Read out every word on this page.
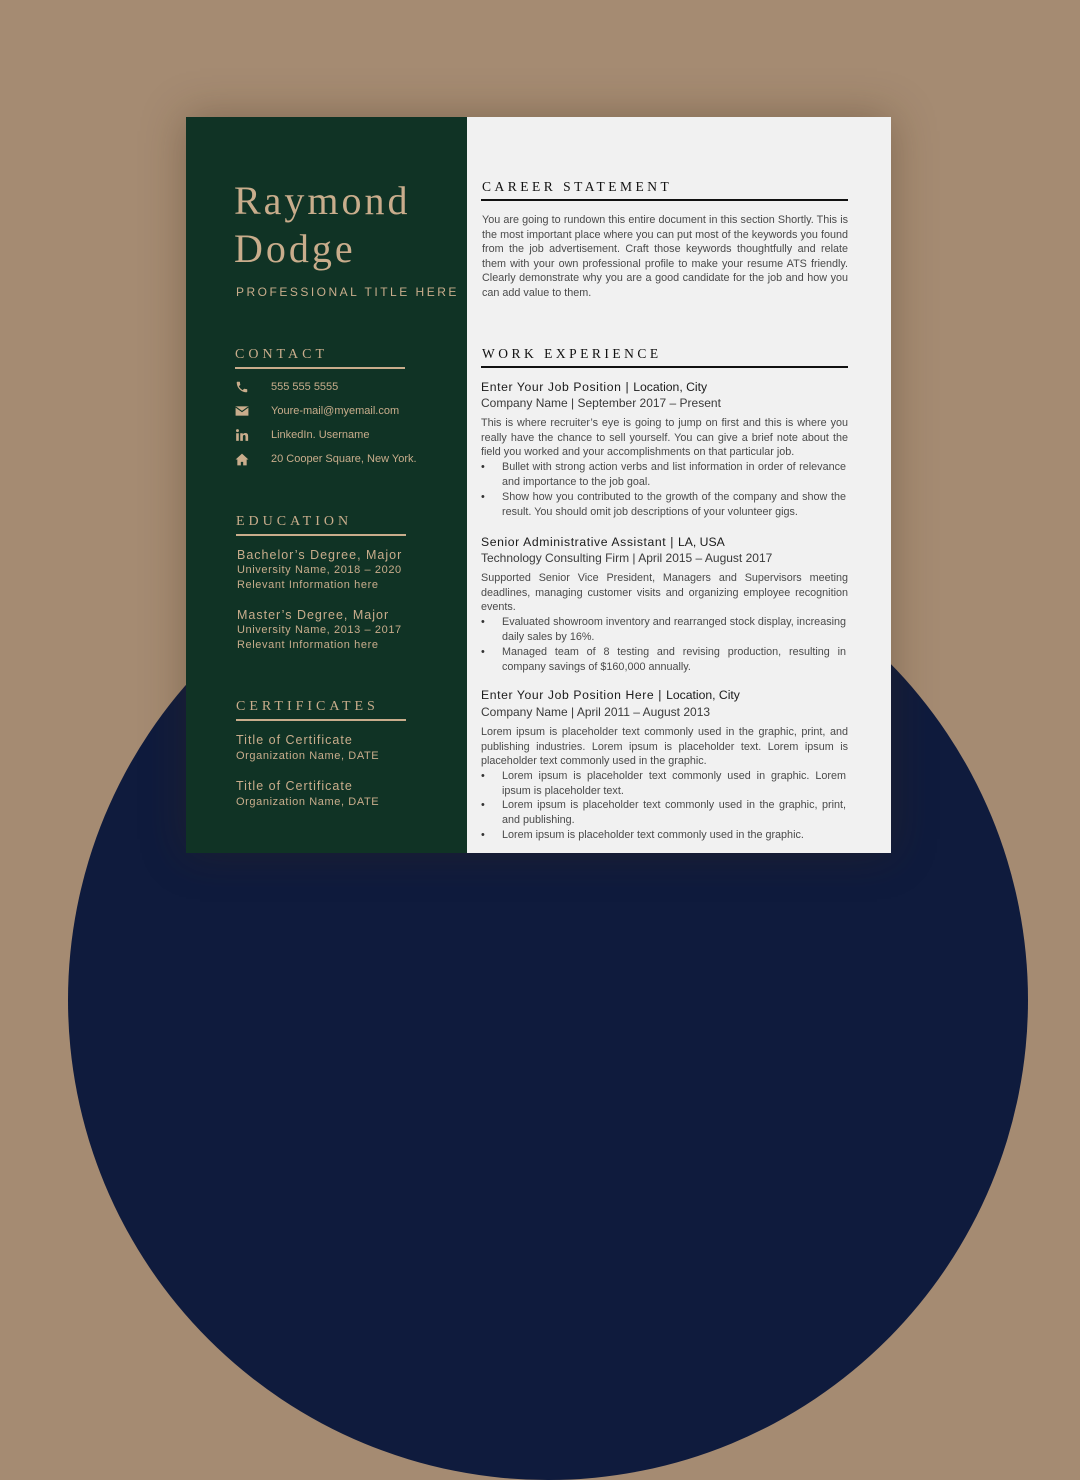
Raymond
Dodge
PROFESSIONAL TITLE HERE
CONTACT
555 555 5555
Youre-mail@myemail.com
LinkedIn. Username
20 Cooper Square, New York.
EDUCATION
Bachelor’s Degree, Major
University Name, 2018 – 2020
Relevant Information here
Master’s Degree, Major
University Name, 2013 – 2017
Relevant Information here
CERTIFICATES
Title of Certificate
Organization Name, DATE
Title of Certificate
Organization Name, DATE
CAREER STATEMENT

You are going to rundown this entire document in this section Shortly. This is the most important place where you can put most of the keywords you found from the job advertisement. Craft those keywords thoughtfully and relate them with your own professional profile to make your resume ATS friendly. Clearly demonstrate why you are a good candidate for the job and how you can add value to them.

WORK EXPERIENCE
Enter Your Job Position | Location, City
Company Name | September 2017 – Present

This is where recruiter’s eye is going to jump on first and this is where you really have the chance to sell yourself. You can give a brief note about the field you worked and your accomplishments on that particular job.

• Bullet with strong action verbs and list information in order of relevance and importance to the job goal.

• Show how you contributed to the growth of the company and show the result. You should omit job descriptions of your volunteer gigs.

Senior Administrative Assistant | LA, USA
Technology Consulting Firm | April 2015 – August 2017

Supported Senior Vice President, Managers and Supervisors meeting deadlines, managing customer visits and organizing employee recognition events.

• Evaluated showroom inventory and rearranged stock display, increasing daily sales by 16%.

• Managed team of 8 testing and revising production, resulting in company savings of $160,000 annually.

Enter Your Job Position Here | Location, City
Company Name | April 2011 – August 2013

Lorem ipsum is placeholder text commonly used in the graphic, print, and publishing industries. Lorem ipsum is placeholder text. Lorem ipsum is placeholder text commonly used in the graphic.

• Lorem ipsum is placeholder text commonly used in graphic. Lorem ipsum is placeholder text.

• Lorem ipsum is placeholder text commonly used in the graphic, print, and publishing.

• Lorem ipsum is placeholder text commonly used in the graphic.
